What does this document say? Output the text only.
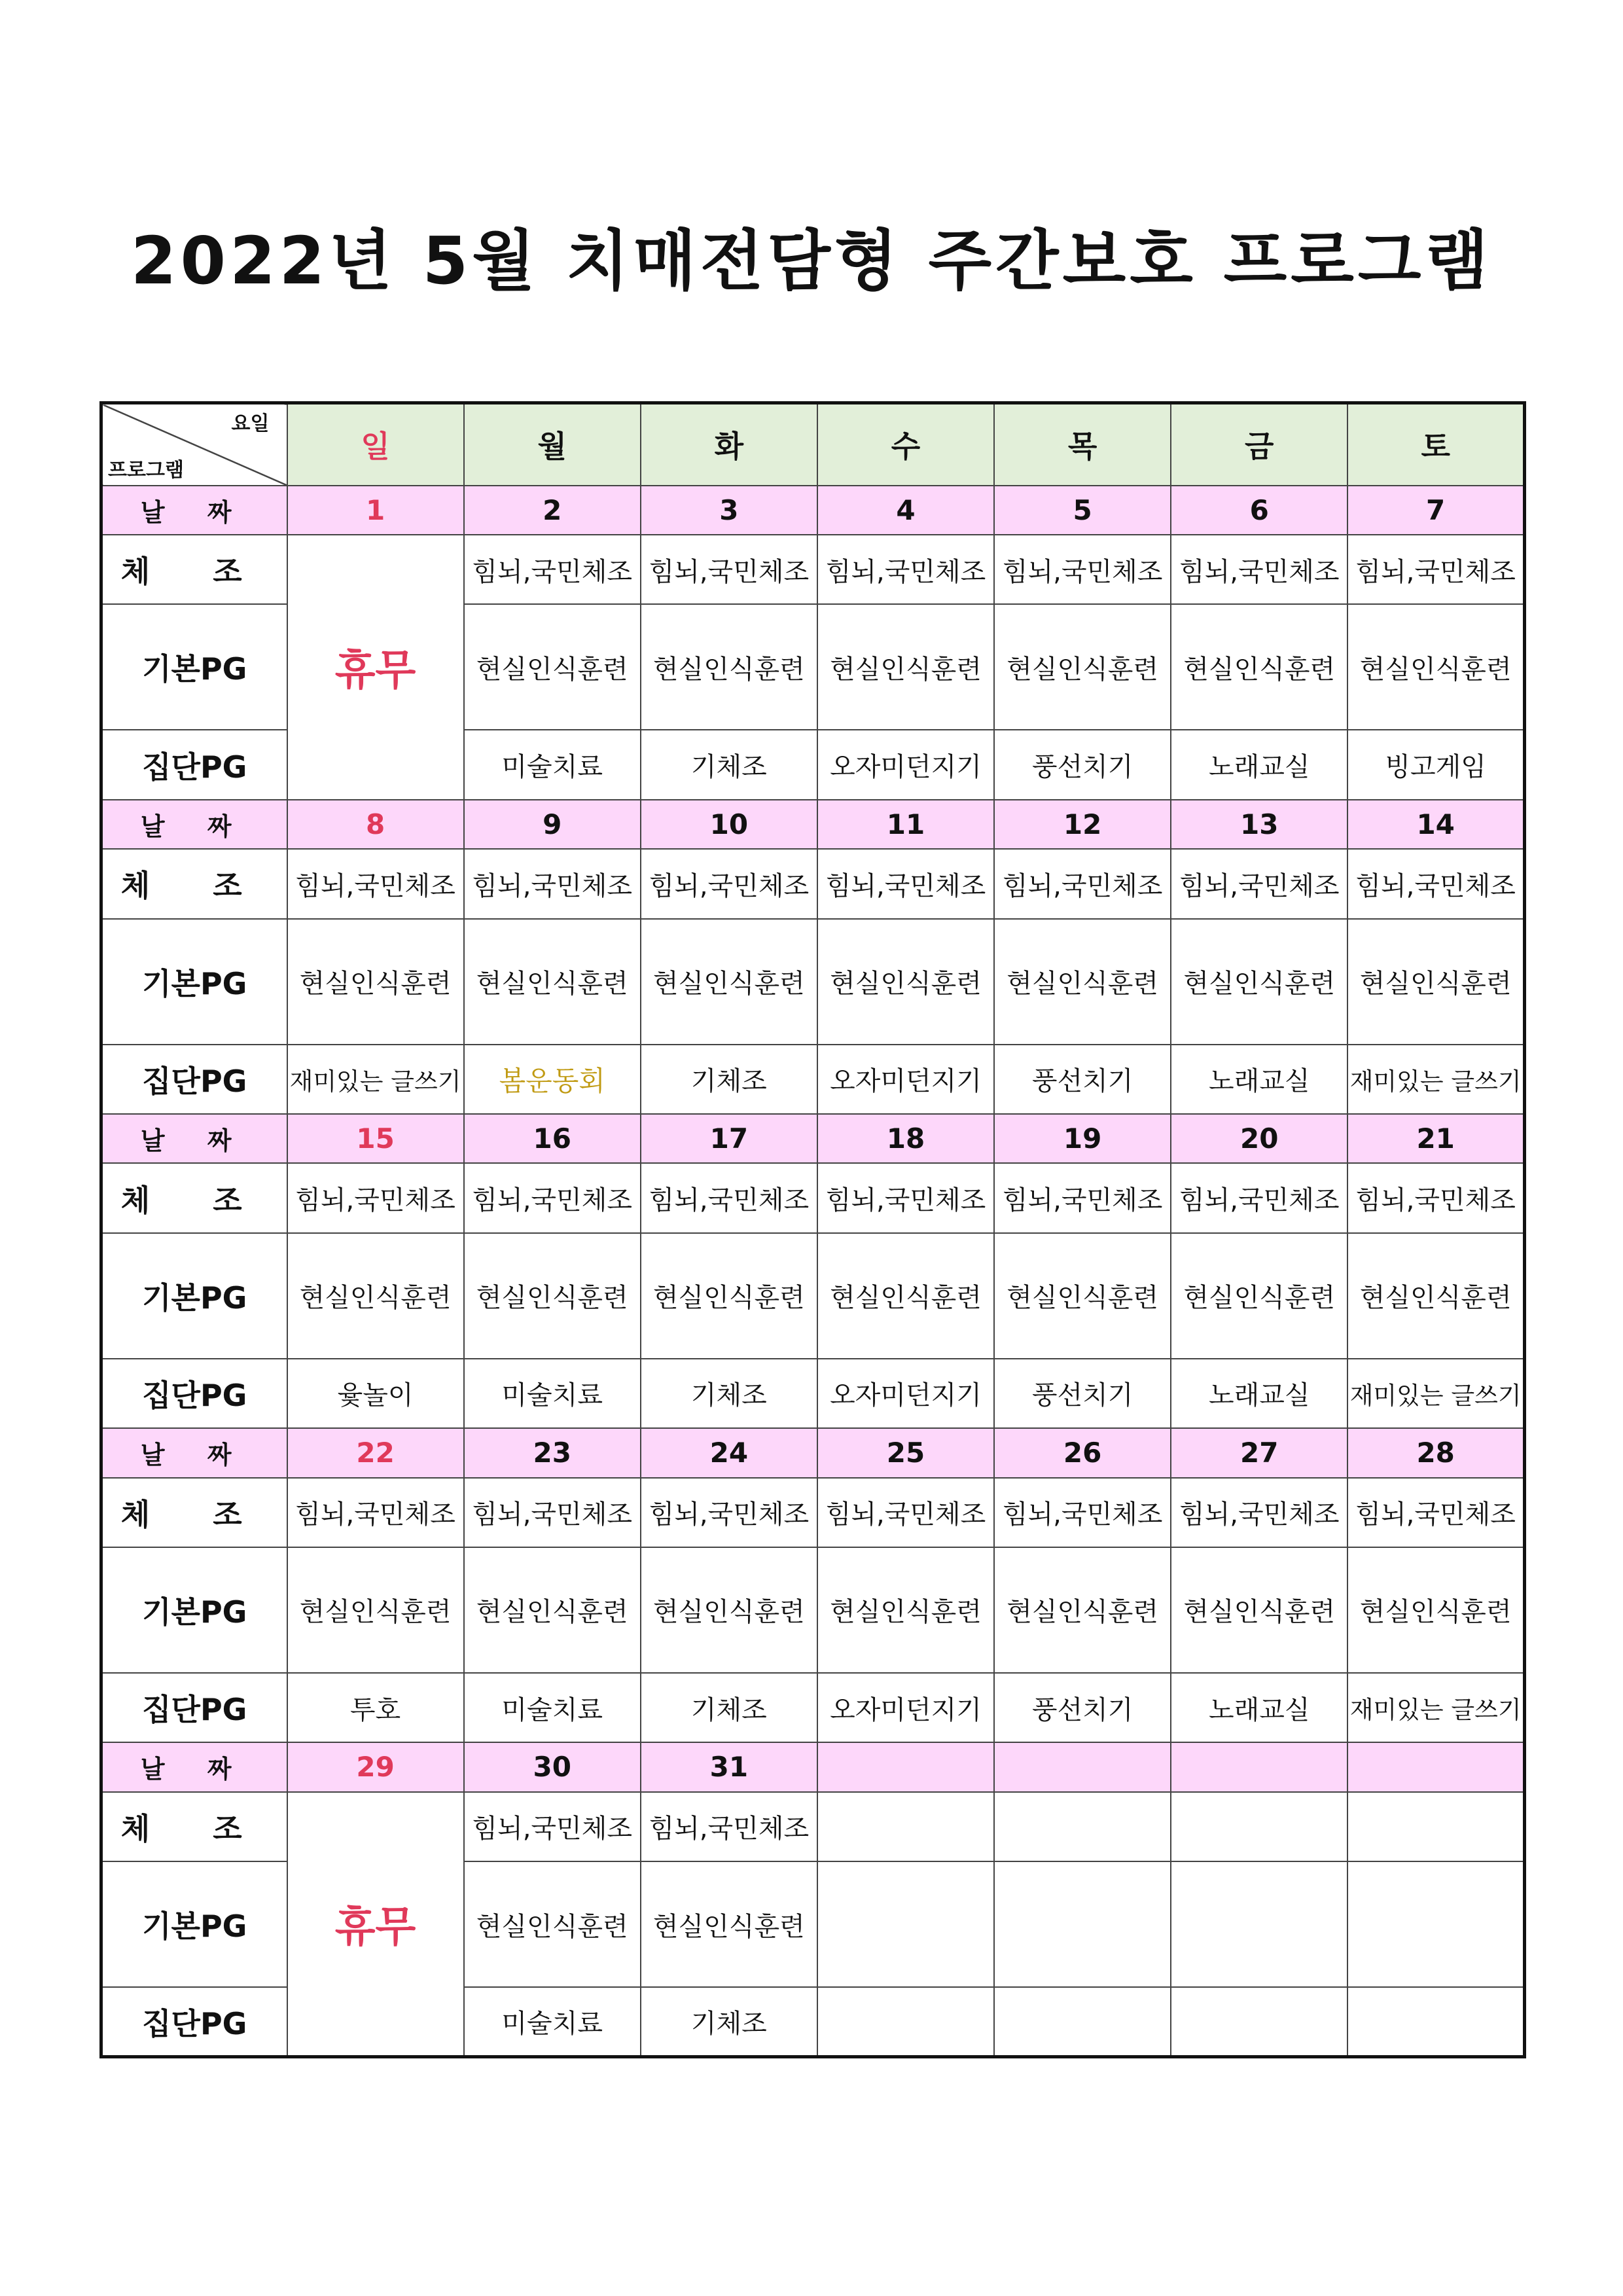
2022년 5월 치매전담형 주간보호 프로그램
요일
프로그램	일	월	화	수	목	금	토
날 짜	1	2	3	4	5	6	7
체 조	휴무	힘뇌,국민체조	힘뇌,국민체조	힘뇌,국민체조	힘뇌,국민체조	힘뇌,국민체조	힘뇌,국민체조
기본PG		현실인식훈련	현실인식훈련	현실인식훈련	현실인식훈련	현실인식훈련	현실인식훈련
집단PG		미술치료	기체조	오자미던지기	풍선치기	노래교실	빙고게임
날 짜	8	9	10	11	12	13	14
체 조	힘뇌,국민체조	힘뇌,국민체조	힘뇌,국민체조	힘뇌,국민체조	힘뇌,국민체조	힘뇌,국민체조	힘뇌,국민체조
기본PG	현실인식훈련	현실인식훈련	현실인식훈련	현실인식훈련	현실인식훈련	현실인식훈련	현실인식훈련
집단PG	재미있는 글쓰기	봄운동회	기체조	오자미던지기	풍선치기	노래교실	재미있는 글쓰기
날 짜	15	16	17	18	19	20	21
체 조	힘뇌,국민체조	힘뇌,국민체조	힘뇌,국민체조	힘뇌,국민체조	힘뇌,국민체조	힘뇌,국민체조	힘뇌,국민체조
기본PG	현실인식훈련	현실인식훈련	현실인식훈련	현실인식훈련	현실인식훈련	현실인식훈련	현실인식훈련
집단PG	윷놀이	미술치료	기체조	오자미던지기	풍선치기	노래교실	재미있는 글쓰기
날 짜	22	23	24	25	26	27	28
체 조	힘뇌,국민체조	힘뇌,국민체조	힘뇌,국민체조	힘뇌,국민체조	힘뇌,국민체조	힘뇌,국민체조	힘뇌,국민체조
기본PG	현실인식훈련	현실인식훈련	현실인식훈련	현실인식훈련	현실인식훈련	현실인식훈련	현실인식훈련
집단PG	투호	미술치료	기체조	오자미던지기	풍선치기	노래교실	재미있는 글쓰기
날 짜	29	30	31				
체 조	휴무	힘뇌,국민체조	힘뇌,국민체조				
기본PG		현실인식훈련	현실인식훈련				
집단PG		미술치료	기체조				
